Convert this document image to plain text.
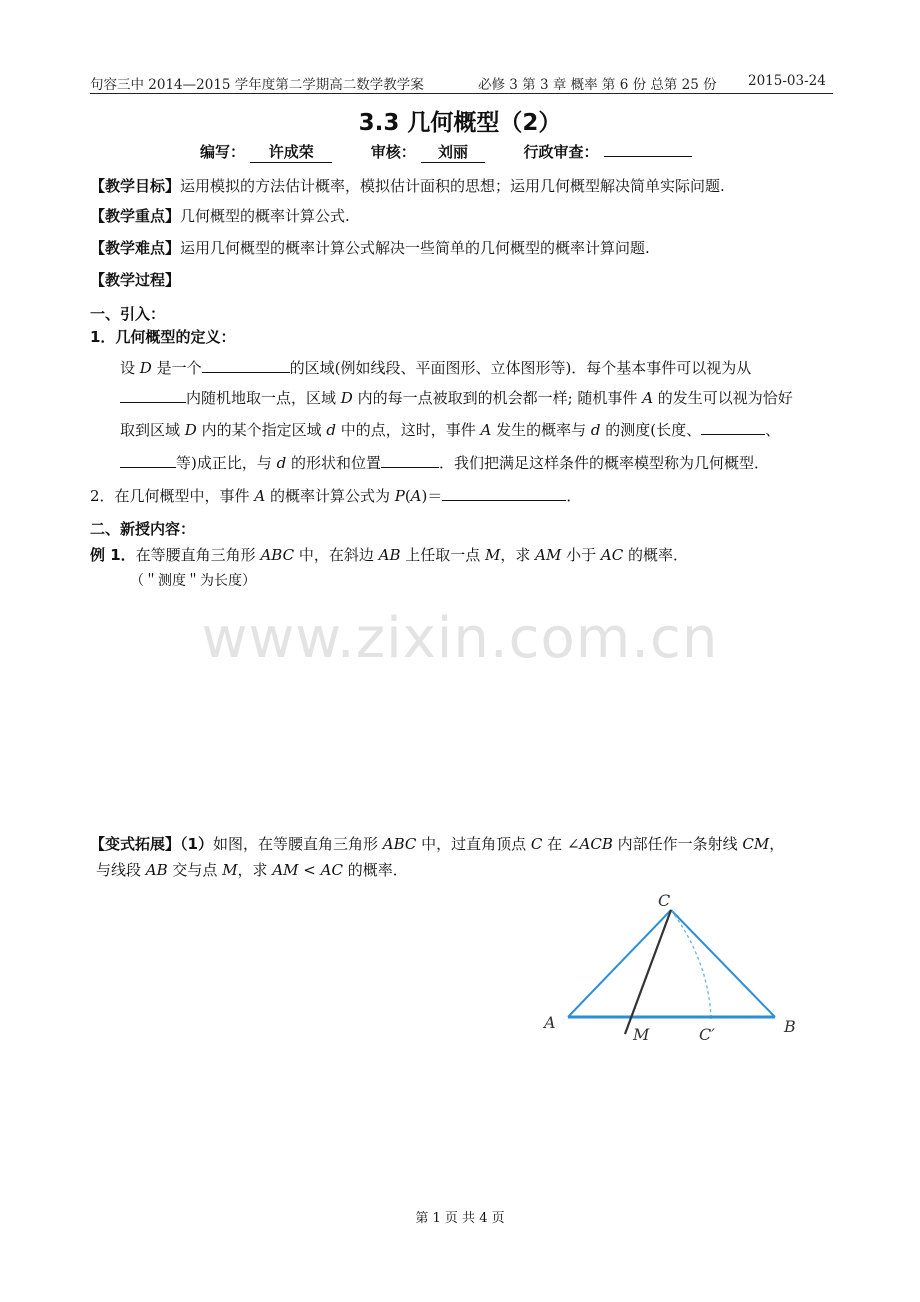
句容三中 2014—2015 学年度第二学期高二数学教学案	必修 3 第 3 章 概率 第 6 份 总第 25 份 2015-03-24
3.3 几何概型（2）
编写： 许成荣	审核： 刘丽	行政审查：
【教学目标】运用模拟的方法估计概率，模拟估计面积的思想；运用几何概型解决简单实际问题.
【教学重点】几何概型的概率计算公式.
【教学难点】运用几何概型的概率计算公式解决一些简单的几何概型的概率计算问题.
【教学过程】
一、引入：
1．几何概型的定义：
设 D 是一个	的区域(例如线段、平面图形、立体图形等)．每个基本事件可以视为从
内随机地取一点，区域 D 内的每一点被取到的机会都一样; 随机事件 A 的发生可以视为恰好
取到区域 D 内的某个指定区域 d 中的点，这时，事件 A 发生的概率与 d 的测度(长度、	、
等)成正比，与 d 的形状和位置	．我们把满足这样条件的概率模型称为几何概型．
2．在几何概型中，事件 A 的概率计算公式为 P(A)＝	．
二、新授内容：
例 1．在等腰直角三角形 ABC 中，在斜边 AB 上任取一点 M，求 AM 小于 AC 的概率．
（＂测度＂为长度）
www.zixin.com.cn
【变式拓展】（1）如图，在等腰直角三角形 ABC 中，过直角顶点 C 在 ∠ACB 内部任作一条射线 CM，
与线段 AB 交与点 M，求 AM < AC 的概率．
A	B
C
M	C′
第 1 页 共 4 页
